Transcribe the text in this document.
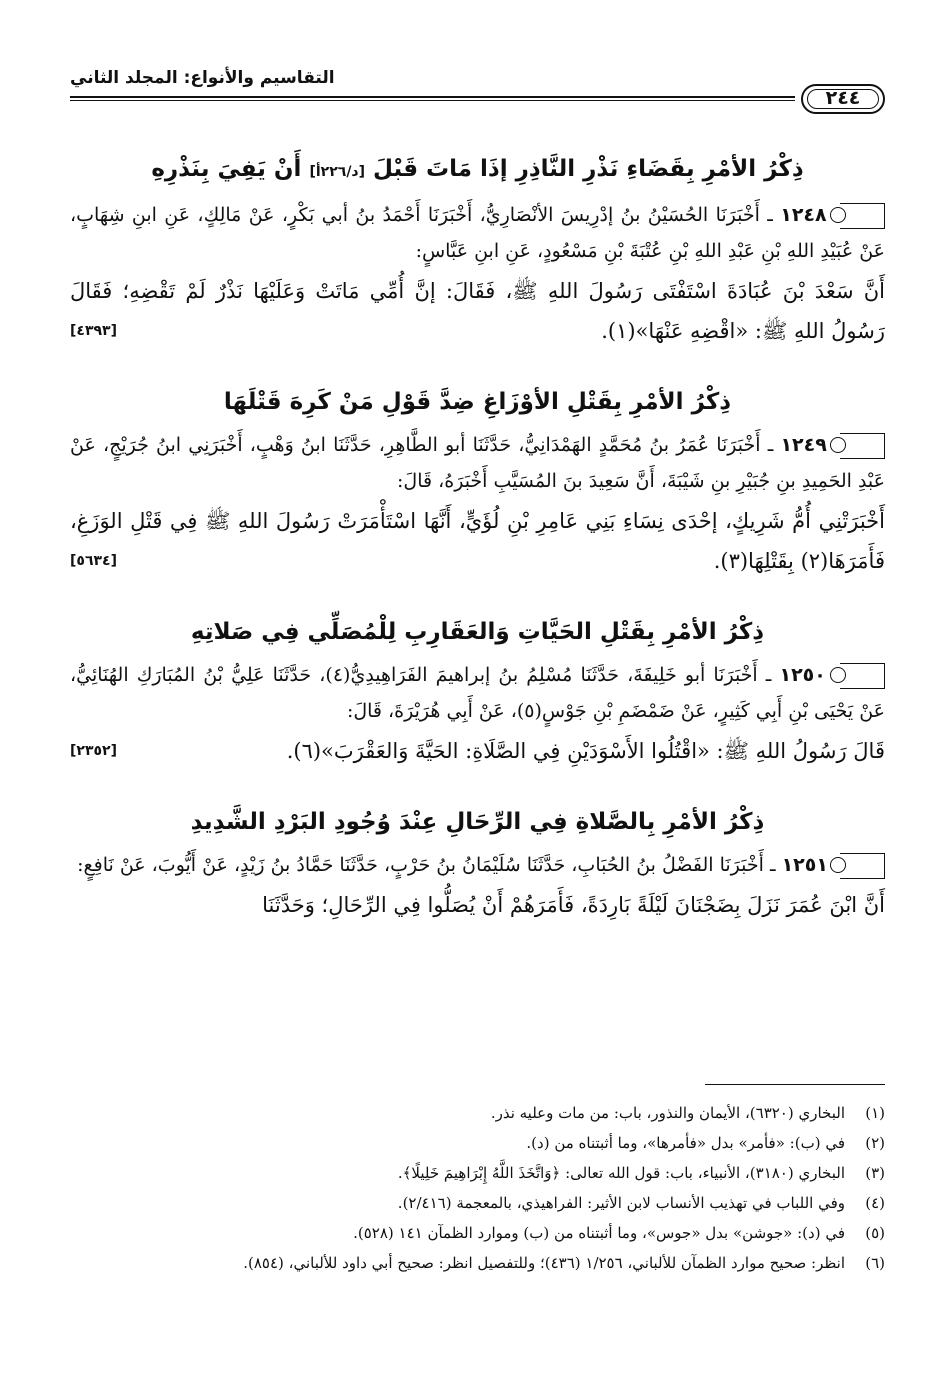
التقاسيم والأنواع: المجلد الثاني
٢٤٤
ذِكْرُ الأمْرِ بِقَضَاءِ نَذْرِ النَّاذِرِ إذَا مَاتَ قَبْلَ [د/٢٢٦أ] أَنْ يَفِيَ بِنَذْرِهِ
١٢٤٨ ـ أَخْبَرَنَا الحُسَيْنُ بنُ إدْرِيسَ الأنْصَارِيُّ، أَخْبَرَنَا أَحْمَدُ بنُ أبي بَكْرٍ، عَنْ مَالِكٍ، عَنِ ابنِ شِهَابٍ، عَنْ عُبَيْدِ اللهِ بْنِ عَبْدِ اللهِ بْنِ عُتْبَةَ بْنِ مَسْعُودٍ، عَنِ ابنِ عَبَّاسٍ:
أَنَّ سَعْدَ بْنَ عُبَادَةَ اسْتَفْتَى رَسُولَ اللهِ ﷺ، فَقَالَ: إنَّ أُمِّي مَاتَتْ وَعَلَيْهَا نَذْرٌ لَمْ تَقْضِهِ؛ فَقَالَ رَسُولُ اللهِ ﷺ: «اقْضِهِ عَنْهَا»(١).
[٤٣٩٣]
ذِكْرُ الأمْرِ بِقَتْلِ الأوْزَاغِ ضِدَّ قَوْلِ مَنْ كَرِهَ قَتْلَهَا
١٢٤٩ ـ أَخْبَرَنَا عُمَرُ بنُ مُحَمَّدٍ الهَمْدَانِيُّ، حَدَّثَنَا أبو الطَّاهِرِ، حَدَّثَنَا ابنُ وَهْبٍ، أَخْبَرَنِي ابنُ جُرَيْجٍ، عَنْ عَبْدِ الحَمِيدِ بنِ جُبَيْرِ بنِ شَيْبَةَ، أَنَّ سَعِيدَ بنَ المُسَيَّبِ أَخْبَرَهُ، قَالَ:
أَخْبَرَتْنِي أُمُّ شَرِيكٍ، إحْدَى نِسَاءِ بَنِي عَامِرِ بْنِ لُؤَيٍّ، أَنَّهَا اسْتَأْمَرَتْ رَسُولَ اللهِ ﷺ فِي قَتْلِ الوَزَغِ، فَأَمَرَهَا(٢) بِقَتْلِهَا(٣).
[٥٦٣٤]
ذِكْرُ الأمْرِ بِقَتْلِ الحَيَّاتِ وَالعَقَارِبِ لِلْمُصَلِّي فِي صَلاتِهِ
١٢٥٠ ـ أَخْبَرَنَا أبو خَلِيفَةَ، حَدَّثَنَا مُسْلِمُ بنُ إبراهيمَ الفَرَاهِيدِيُّ(٤)، حَدَّثَنَا عَلِيُّ بْنُ المُبَارَكِ الهُنَائِيُّ، عَنْ يَحْيَى بْنِ أَبِي كَثِيرٍ، عَنْ ضَمْضَمِ بْنِ جَوْسٍ(٥)، عَنْ أَبِي هُرَيْرَةَ، قَالَ:
قَالَ رَسُولُ اللهِ ﷺ: «اقْتُلُوا الأَسْوَدَيْنِ فِي الصَّلَاةِ: الحَيَّةَ وَالعَقْرَبَ»(٦).
[٢٣٥٢]
ذِكْرُ الأمْرِ بِالصَّلاةِ فِي الرِّحَالِ عِنْدَ وُجُودِ البَرْدِ الشَّدِيدِ
١٢٥١ ـ أَخْبَرَنَا الفَضْلُ بنُ الحُبَابِ، حَدَّثَنَا سُلَيْمَانُ بنُ حَرْبٍ، حَدَّثَنَا حَمَّادُ بنُ زَيْدٍ، عَنْ أَيُّوبَ، عَنْ نَافِعٍ:
أَنَّ ابْنَ عُمَرَ نَزَلَ بِضَجْنَانَ لَيْلَةً بَارِدَةً، فَأَمَرَهُمْ أَنْ يُصَلُّوا فِي الرِّحَالِ؛ وَحَدَّثَنَا
(١)
البخاري (٦٣٢٠)، الأيمان والنذور، باب: من مات وعليه نذر.
(٢)
في (ب): «فأمر» بدل «فأمرها»، وما أثبتناه من (د).
(٣)
البخاري (٣١٨٠)، الأنبياء، باب: قول الله تعالى: ﴿وَاتَّخَذَ اللَّهُ إِبْرَاهِيمَ خَلِيلًا﴾.
(٤)
وفي اللباب في تهذيب الأنساب لابن الأثير: الفراهيذي، بالمعجمة (٢/٤١٦).
(٥)
في (د): «جوشن» بدل «جوس»، وما أثبتناه من (ب) وموارد الظمآن ١٤١ (٥٢٨).
(٦)
انظر: صحيح موارد الظمآن للألباني، ١/٢٥٦ (٤٣٦)؛ وللتفصيل انظر: صحيح أبي داود للألباني، (٨٥٤).
